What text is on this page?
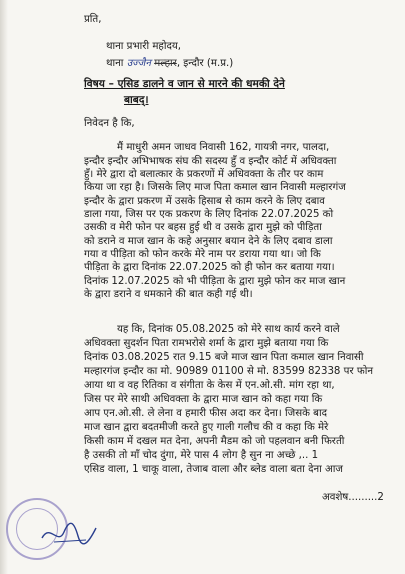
प्रति,
थाना प्रभारी महोदय,
थाना उज्जैन मल्हार, इन्दौर (म.प्र.)
विषय – एसिड डालने व जान से मारने की धमकी देने
बाबद्।
निवेदन है कि,
मैं माधुरी अमन जाधव निवासी 162, गायत्री नगर, पालदा,
इन्दौर इन्दौर अभिभाषक संघ की सदस्य हुँ व इन्दौर कोर्ट में अधिवक्ता
हुँ। मेरे द्वारा दो बलात्कार के प्रकरणों में अधिवक्ता के तौर पर काम
किया जा रहा है। जिसके लिए माज पिता कमाल खान निवासी मल्हारगंज
इन्दौर के द्वारा प्रकरण में उसके हिसाब से काम करने के लिए दबाव
डाला गया, जिस पर एक प्रकरण के लिए दिनांक 22.07.2025 को
उसकी व मेरी फोन पर बहस हुई थी व उसके द्वारा मुझे को पीड़िता
को डराने व माज खान के कहे अनुसार बयान देने के लिए दबाव डाला
गया व पीड़िता को फोन करके मेरे नाम पर डराया गया था। जो कि
पीड़िता के द्वारा दिनांक 22.07.2025 को ही फोन कर बताया गया।
दिनांक 12.07.2025 को भी पीड़िता के द्वारा मुझे फोन कर माज खान
के द्वारा डराने व धमकाने की बात कही गई थी।
यह कि, दिनांक 05.08.2025 को मेरे साथ कार्य करने वाले
अधिवक्ता सुदर्शन पिता रामभरोसे शर्मा के द्वारा मुझे बताया गया कि
दिनांक 03.08.2025 रात 9.15 बजे माज खान पिता कमाल खान निवासी
मल्हारगंज इन्दौर का मो. 90989 01100 से मो. 83599 82338 पर फोन
आया था व वह रितिका व संगीता के केस में एन.ओ.सी. मांग रहा था,
जिस पर मेरे साथी अधिवक्ता के द्वारा माज खान को कहा गया कि
आप एन.ओ.सी. ले लेना व हमारी फीस अदा कर देना। जिसके बाद
माज खान द्वारा बदतमीजी करते हुए गाली गलौच की व कहा कि मेरे
किसी काम में दखल मत देना, अपनी मैडम को जो पहलवान बनी फिरती
है उसकी तो माँ चोद दुंगा, मेरे पास 4 लोग है सुन ना अच्छे ,.. 1
एसिड वाला, 1 चाकू वाला, तेजाब वाला और ब्लेड वाला बता देना आज
अवशेष.........2
